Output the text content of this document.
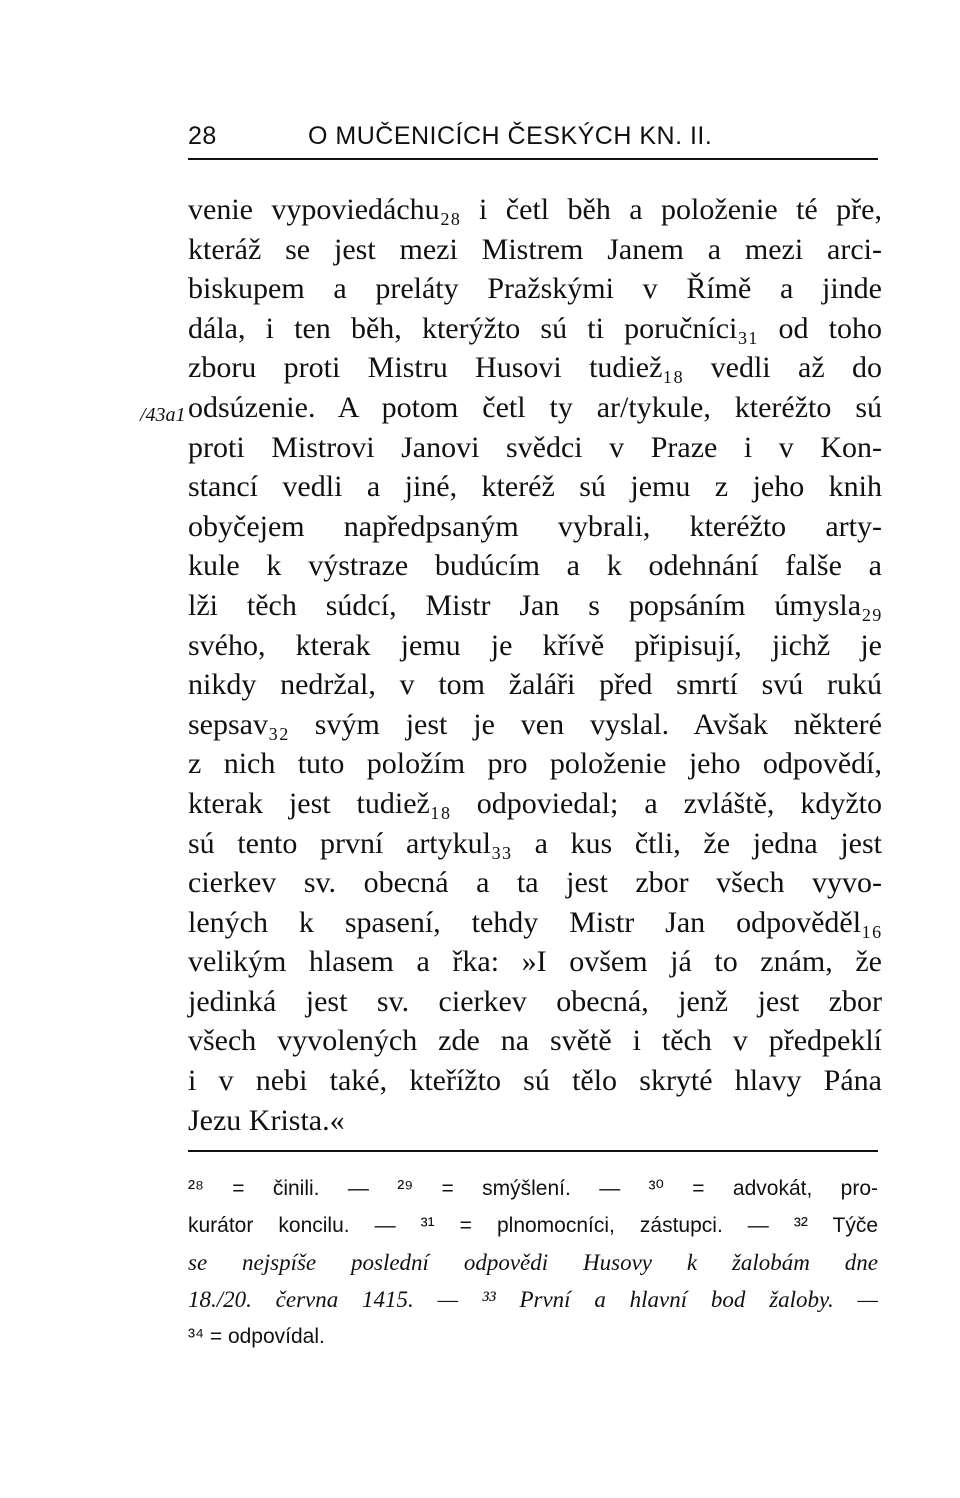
28	O MUČENICÍCH ČESKÝCH KN. II.
/43a1
venie vypoviedáchu₂₈ i četl běh a položenie té pře,
kteráž se jest mezi Mistrem Janem a mezi arci-
biskupem a preláty Pražskými v Římě a jinde
dála, i ten běh, kterýžto sú ti poručníci₃₁ od toho
zboru proti Mistru Husovi tudiež₁₈ vedli až do
odsúzenie. A potom četl ty ar/tykule, kteréžto sú
proti Mistrovi Janovi svědci v Praze i v Kon-
stancí vedli a jiné, kteréž sú jemu z jeho knih
obyčejem napředpsaným vybrali, kteréžto arty-
kule k výstraze budúcím a k odehnání falše a
lži těch súdcí, Mistr Jan s popsáním úmysla₂₉
svého, kterak jemu je křívě připisují, jichž je
nikdy nedržal, v tom žaláři před smrtí svú rukú
sepsav₃₂ svým jest je ven vyslal. Avšak některé
z nich tuto položím pro položenie jeho odpovědí,
kterak jest tudiež₁₈ odpoviedal; a zvláště, kdyžto
sú tento první artykul₃₃ a kus čtli, že jedna jest
cierkev sv. obecná a ta jest zbor všech vyvo-
lených k spasení, tehdy Mistr Jan odpověděl₁₆
velikým hlasem a řka: »I ovšem já to znám, že
jedinká jest sv. cierkev obecná, jenž jest zbor
všech vyvolených zde na světě i těch v předpeklí
i v nebi také, kteřížto sú tělo skryté hlavy Pána
Jezu Krista.«
²⁸ = činili. — ²⁹ = smýšlení. — ³⁰ = advokát, pro-
kurátor koncilu. — ³¹ = plnomocníci, zástupci. — ³² Týče
se nejspíše poslední odpovědi Husovy k žalobám dne
18./20. června 1415. — ³³ První a hlavní bod žaloby. —
³⁴ = odpovídal.
